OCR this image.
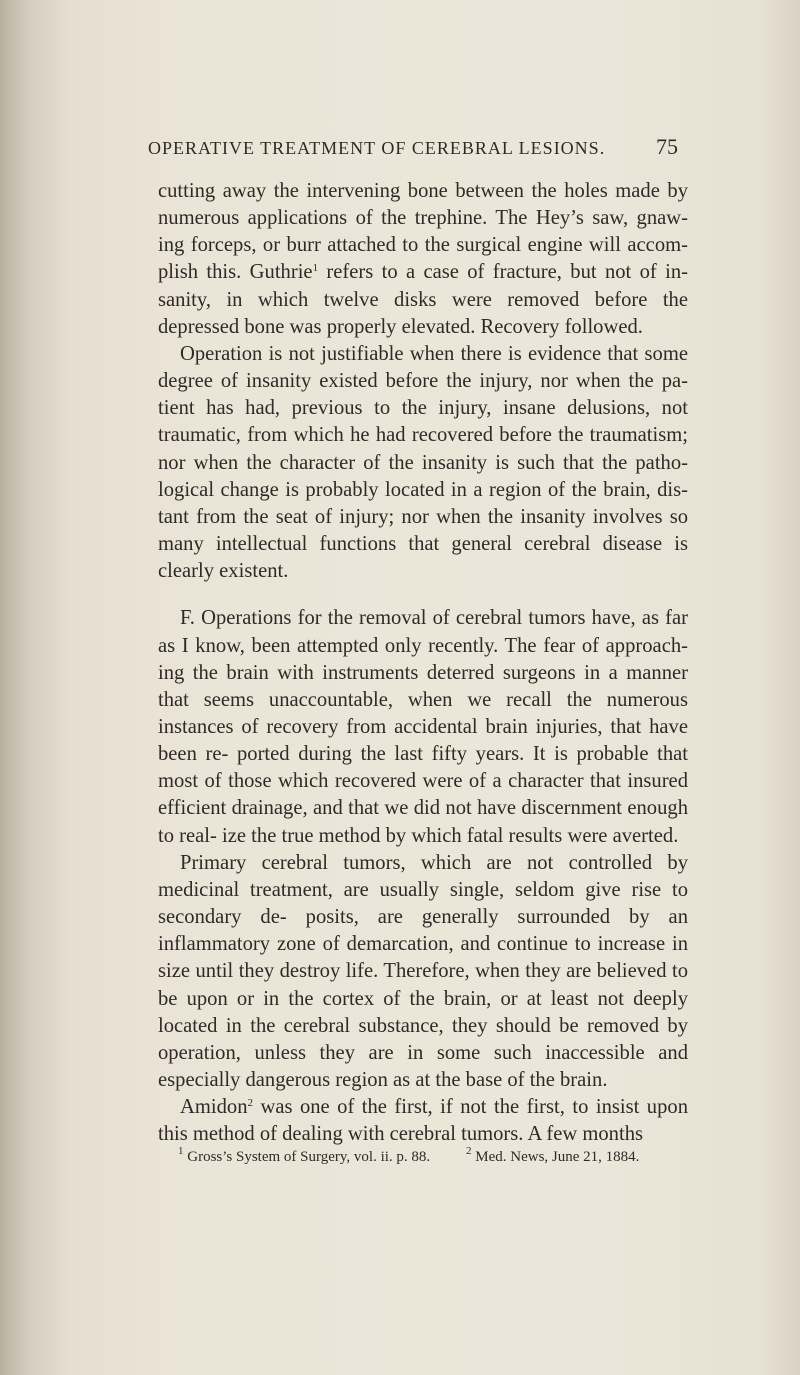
OPERATIVE TREATMENT OF CEREBRAL LESIONS. 75

cutting away the intervening bone between the holes made by numerous applications of the trephine. The Hey’s saw, gnaw- ing forceps, or burr attached to the surgical engine will accom- plish this. Guthrie$^1$ refers to a case of fracture, but not of in- sanity, in which twelve disks were removed before the depressed bone was properly elevated. Recovery followed.

Operation is not justifiable when there is evidence that some degree of insanity existed before the injury, nor when the pa- tient has had, previous to the injury, insane delusions, not traumatic, from which he had recovered before the traumatism; nor when the character of the insanity is such that the patho- logical change is probably located in a region of the brain, dis- tant from the seat of injury; nor when the insanity involves so many intellectual functions that general cerebral disease is clearly existent.

F. Operations for the removal of cerebral tumors have, as far as I know, been attempted only recently. The fear of approach- ing the brain with instruments deterred surgeons in a manner that seems unaccountable, when we recall the numerous instances of recovery from accidental brain injuries, that have been re- ported during the last fifty years. It is probable that most of those which recovered were of a character that insured efficient drainage, and that we did not have discernment enough to real- ize the true method by which fatal results were averted.

Primary cerebral tumors, which are not controlled by medicinal treatment, are usually single, seldom give rise to secondary de- posits, are generally surrounded by an inflammatory zone of demarcation, and continue to increase in size until they destroy life. Therefore, when they are believed to be upon or in the cortex of the brain, or at least not deeply located in the cerebral substance, they should be removed by operation, unless they are in some such inaccessible and especially dangerous region as at the base of the brain.

Amidon$^2$ was one of the first, if not the first, to insist upon this method of dealing with cerebral tumors. A few months

$^1$ Gross’s System of Surgery, vol. ii. p. 88.	$^2$ Med. News, June 21, 1884.
